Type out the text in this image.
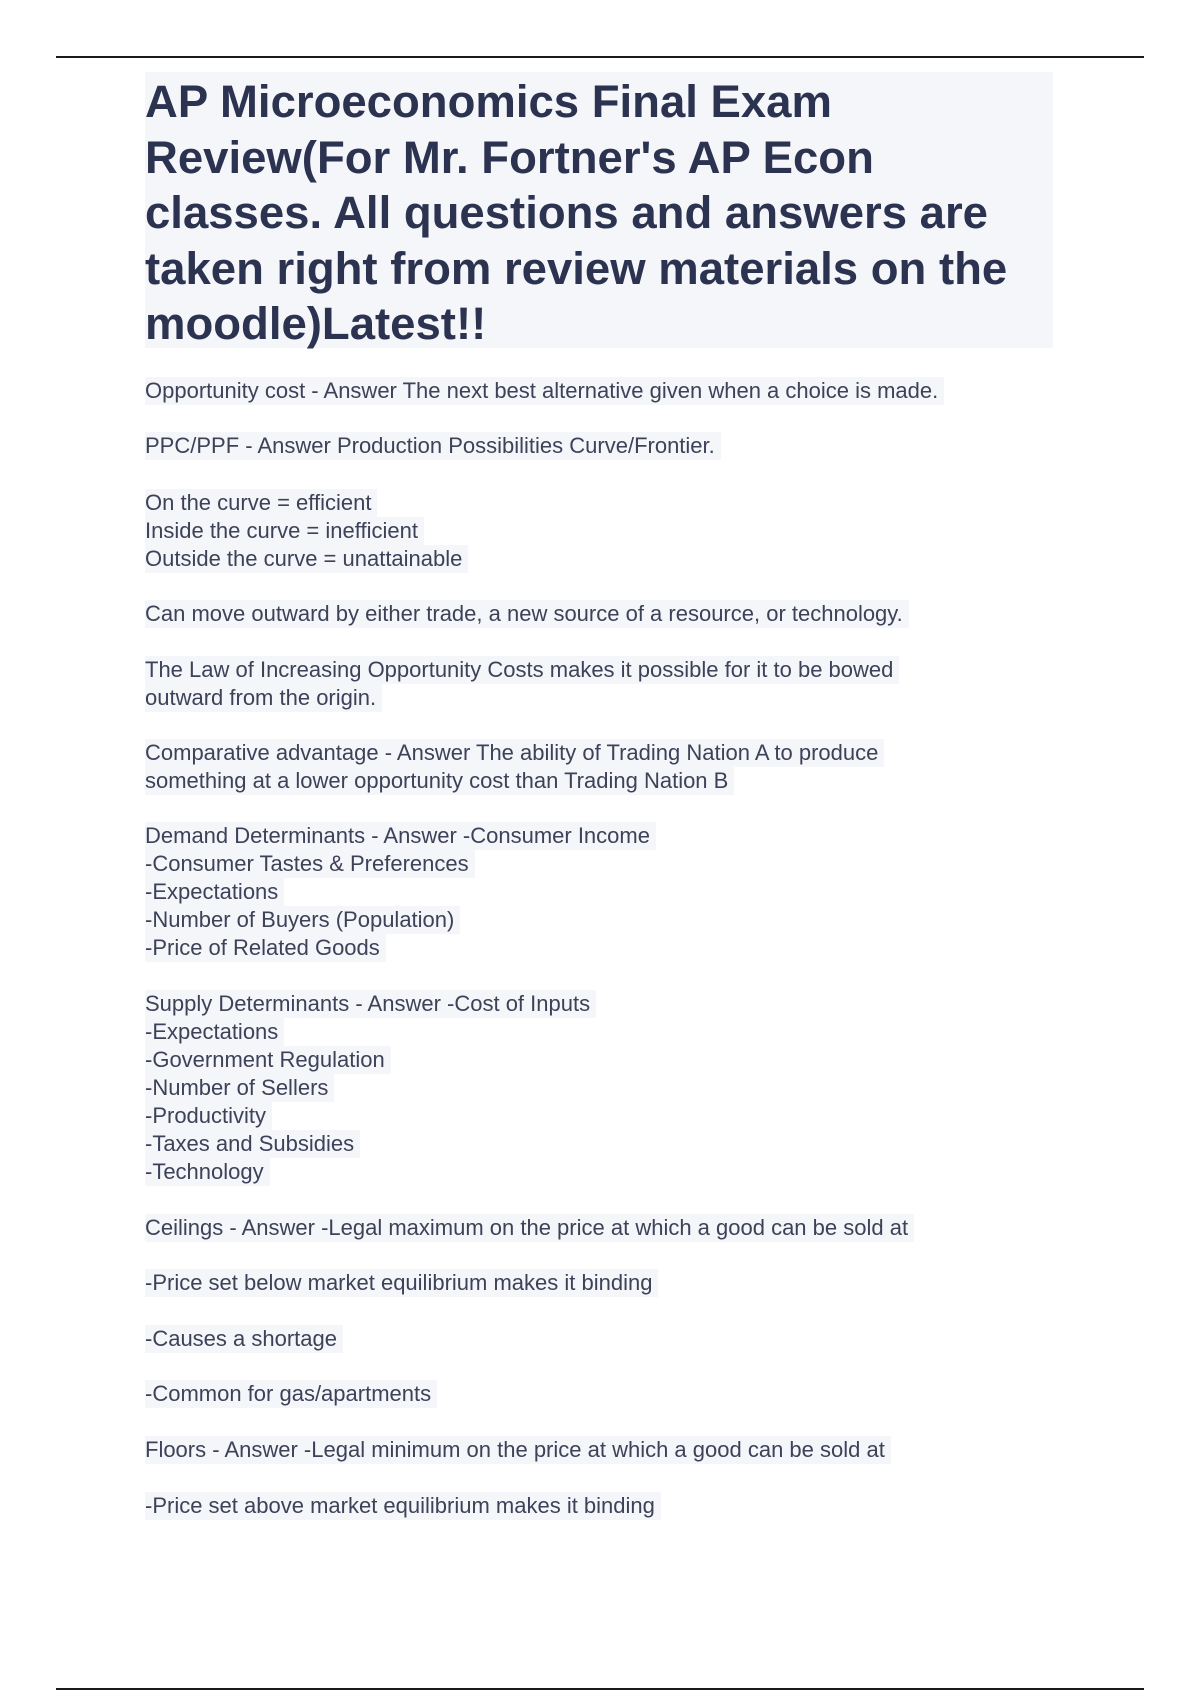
AP Microeconomics Final Exam Review(For Mr. Fortner's AP Econ classes. All questions and answers are taken right from review materials on the moodle)Latest!!
Opportunity cost - Answer The next best alternative given when a choice is made.
PPC/PPF - Answer Production Possibilities Curve/Frontier.
On the curve = efficient
Inside the curve = inefficient
Outside the curve = unattainable
Can move outward by either trade, a new source of a resource, or technology.
The Law of Increasing Opportunity Costs makes it possible for it to be bowed
outward from the origin.
Comparative advantage - Answer The ability of Trading Nation A to produce
something at a lower opportunity cost than Trading Nation B
Demand Determinants - Answer -Consumer Income
-Consumer Tastes & Preferences
-Expectations
-Number of Buyers (Population)
-Price of Related Goods
Supply Determinants - Answer -Cost of Inputs
-Expectations
-Government Regulation
-Number of Sellers
-Productivity
-Taxes and Subsidies
-Technology
Ceilings - Answer -Legal maximum on the price at which a good can be sold at
-Price set below market equilibrium makes it binding
-Causes a shortage
-Common for gas/apartments
Floors - Answer -Legal minimum on the price at which a good can be sold at
-Price set above market equilibrium makes it binding
